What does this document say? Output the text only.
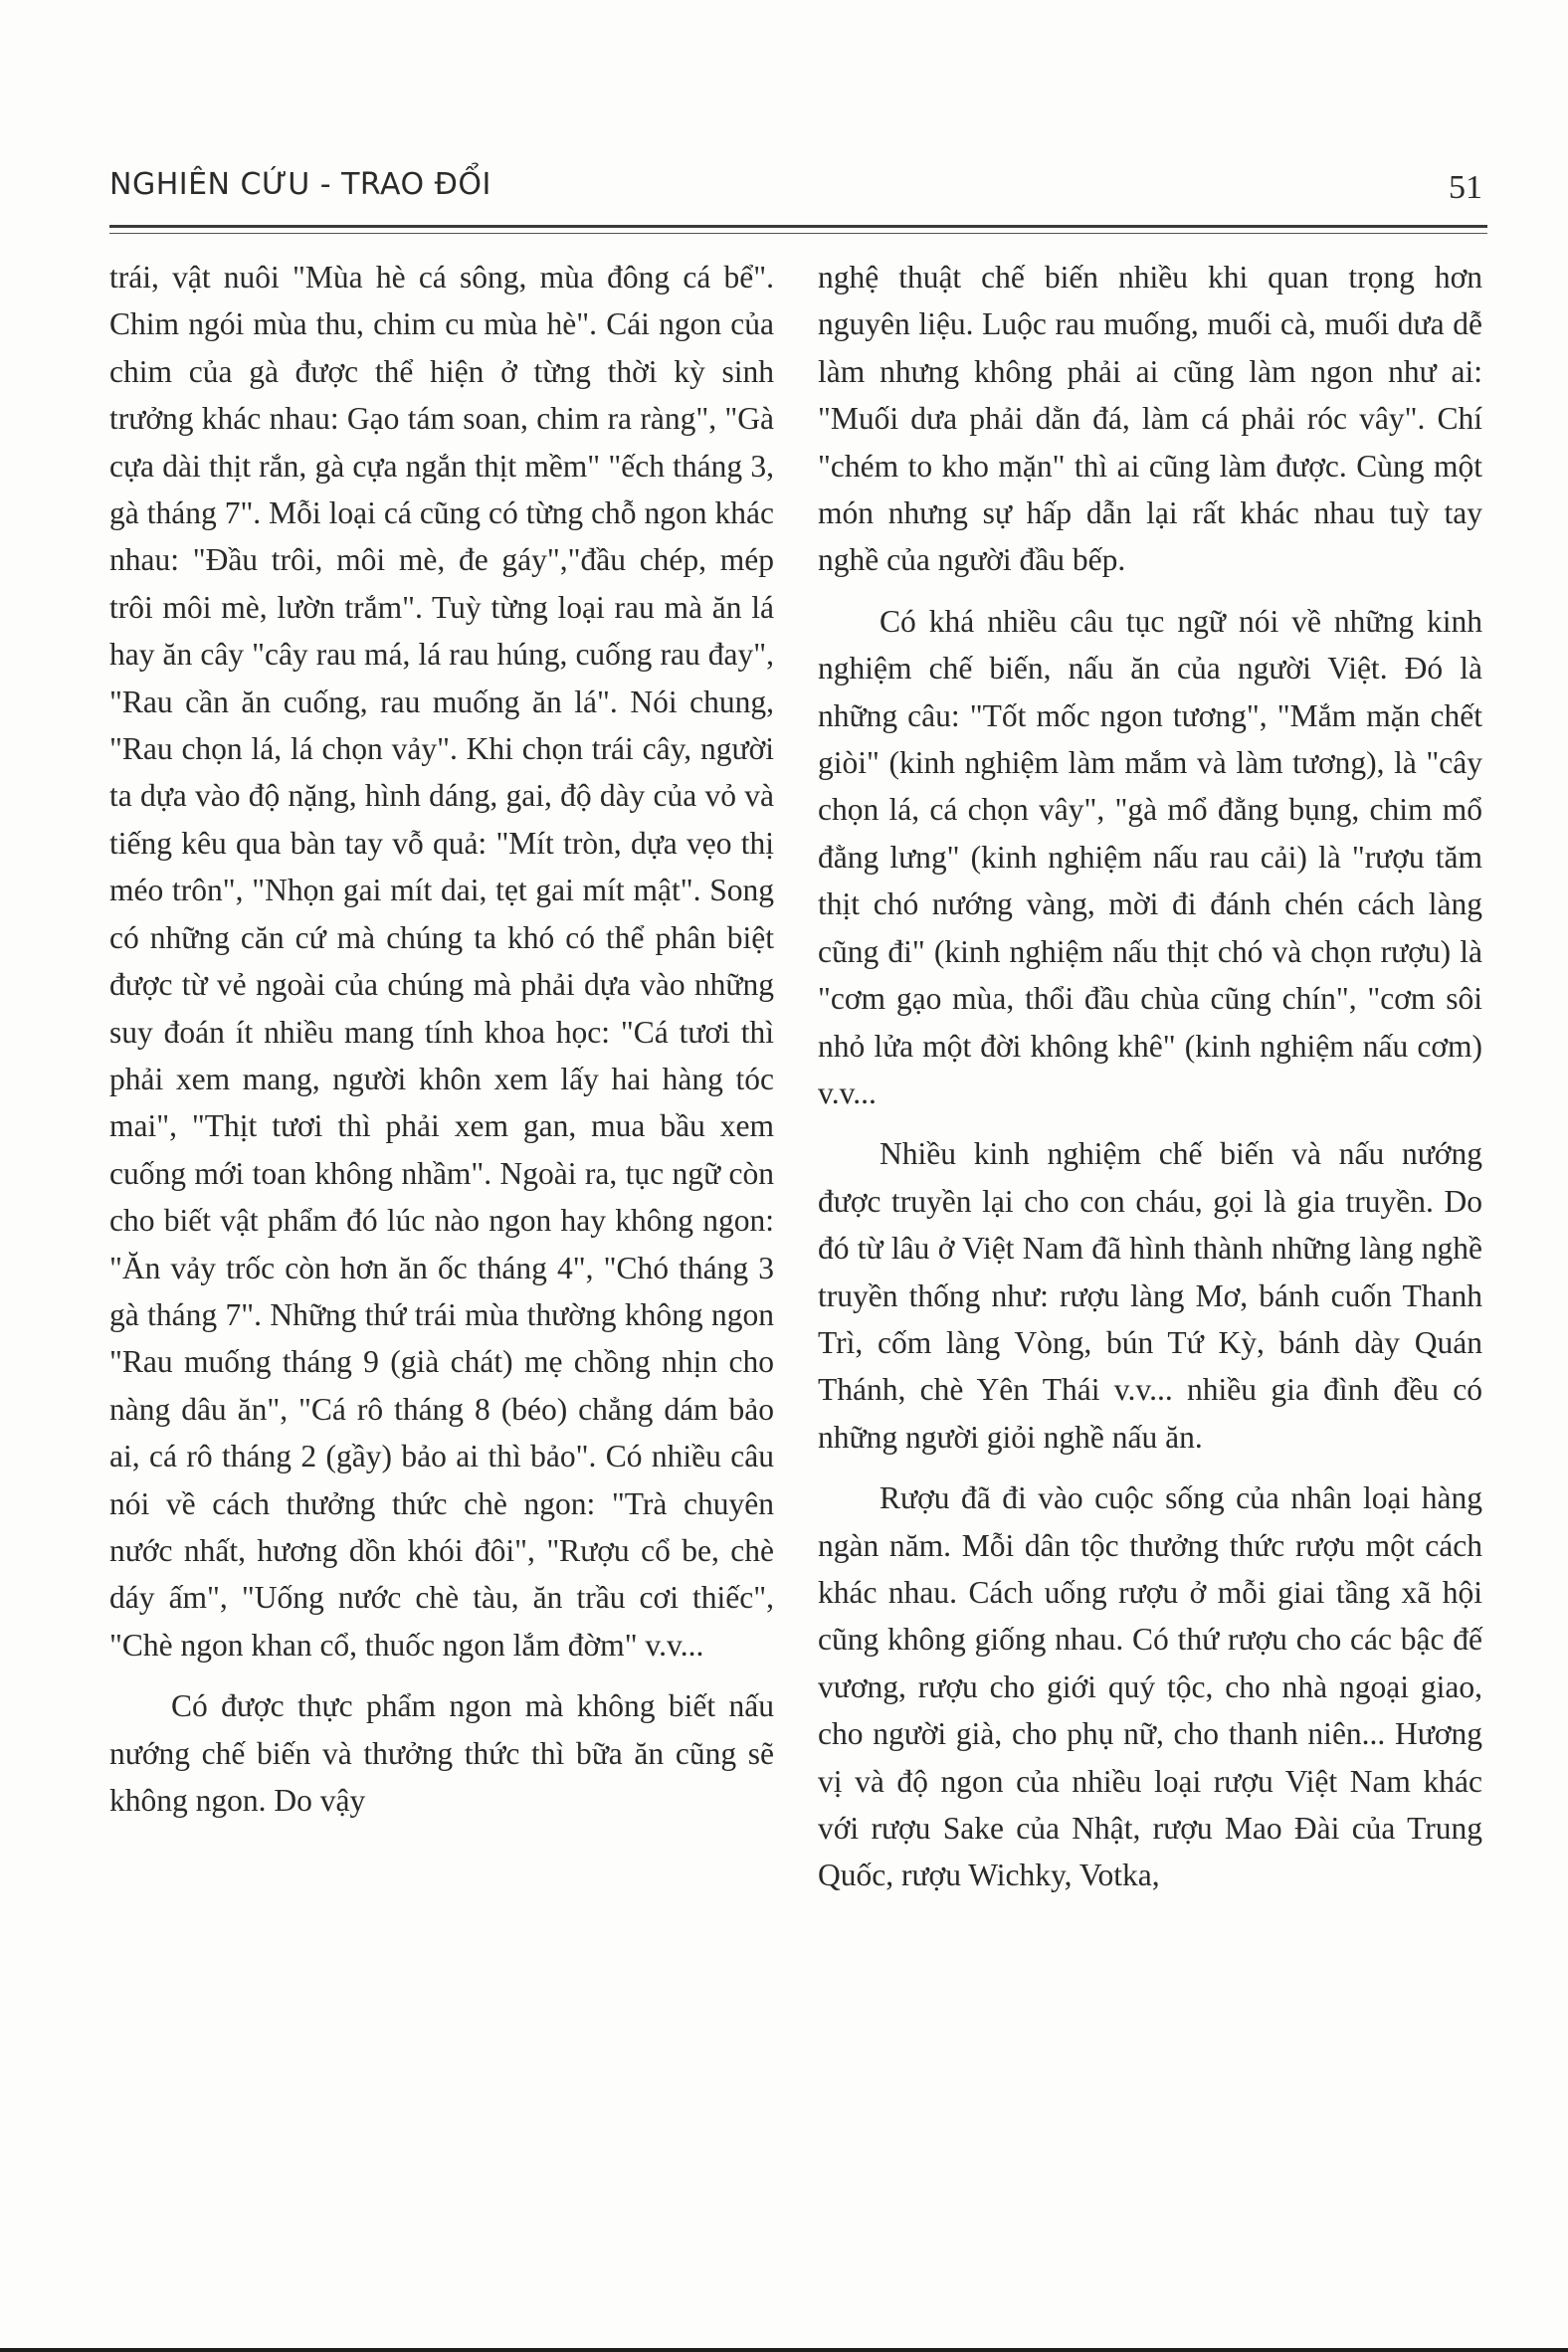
NGHIÊN CỨU - TRAO ĐỔI	51

trái, vật nuôi "Mùa hè cá sông, mùa đông cá bể". Chim ngói mùa thu, chim cu mùa hè". Cái ngon của chim của gà được thể hiện ở từng thời kỳ sinh trưởng khác nhau: Gạo tám soan, chim ra ràng", "Gà cựa dài thịt rắn, gà cựa ngắn thịt mềm" "ếch tháng 3, gà tháng 7". Mỗi loại cá cũng có từng chỗ ngon khác nhau: "Đầu trôi, môi mè, đe gáy","đầu chép, mép trôi môi mè, lườn trắm". Tuỳ từng loại rau mà ăn lá hay ăn cây "cây rau má, lá rau húng, cuống rau đay", "Rau cần ăn cuống, rau muống ăn lá". Nói chung, "Rau chọn lá, lá chọn vảy". Khi chọn trái cây, người ta dựa vào độ nặng, hình dáng, gai, độ dày của vỏ và tiếng kêu qua bàn tay vỗ quả: "Mít tròn, dựa vẹo thị méo trôn", "Nhọn gai mít dai, tẹt gai mít mật". Song có những căn cứ mà chúng ta khó có thể phân biệt được từ vẻ ngoài của chúng mà phải dựa vào những suy đoán ít nhiều mang tính khoa học: "Cá tươi thì phải xem mang, người khôn xem lấy hai hàng tóc mai", "Thịt tươi thì phải xem gan, mua bầu xem cuống mới toan không nhầm". Ngoài ra, tục ngữ còn cho biết vật phẩm đó lúc nào ngon hay không ngon: "Ăn vảy trốc còn hơn ăn ốc tháng 4", "Chó tháng 3 gà tháng 7". Những thứ trái mùa thường không ngon "Rau muống tháng 9 (già chát) mẹ chồng nhịn cho nàng dâu ăn", "Cá rô tháng 8 (béo) chẳng dám bảo ai, cá rô tháng 2 (gầy) bảo ai thì bảo". Có nhiều câu nói về cách thưởng thức chè ngon: "Trà chuyên nước nhất, hương dồn khói đôi", "Rượu cổ be, chè dáy ấm", "Uống nước chè tàu, ăn trầu cơi thiếc", "Chè ngon khan cổ, thuốc ngon lắm đờm" v.v...

Có được thực phẩm ngon mà không biết nấu nướng chế biến và thưởng thức thì bữa ăn cũng sẽ không ngon. Do vậy

nghệ thuật chế biến nhiều khi quan trọng hơn nguyên liệu. Luộc rau muống, muối cà, muối dưa dễ làm nhưng không phải ai cũng làm ngon như ai: "Muối dưa phải dằn đá, làm cá phải róc vây". Chí "chém to kho mặn" thì ai cũng làm được. Cùng một món nhưng sự hấp dẫn lại rất khác nhau tuỳ tay nghề của người đầu bếp.

Có khá nhiều câu tục ngữ nói về những kinh nghiệm chế biến, nấu ăn của người Việt. Đó là những câu: "Tốt mốc ngon tương", "Mắm mặn chết giòi" (kinh nghiệm làm mắm và làm tương), là "cây chọn lá, cá chọn vây", "gà mổ đằng bụng, chim mổ đằng lưng" (kinh nghiệm nấu rau cải) là "rượu tăm thịt chó nướng vàng, mời đi đánh chén cách làng cũng đi" (kinh nghiệm nấu thịt chó và chọn rượu) là "cơm gạo mùa, thổi đầu chùa cũng chín", "cơm sôi nhỏ lửa một đời không khê" (kinh nghiệm nấu cơm) v.v...

Nhiều kinh nghiệm chế biến và nấu nướng được truyền lại cho con cháu, gọi là gia truyền. Do đó từ lâu ở Việt Nam đã hình thành những làng nghề truyền thống như: rượu làng Mơ, bánh cuốn Thanh Trì, cốm làng Vòng, bún Tứ Kỳ, bánh dày Quán Thánh, chè Yên Thái v.v... nhiều gia đình đều có những người giỏi nghề nấu ăn.

Rượu đã đi vào cuộc sống của nhân loại hàng ngàn năm. Mỗi dân tộc thưởng thức rượu một cách khác nhau. Cách uống rượu ở mỗi giai tầng xã hội cũng không giống nhau. Có thứ rượu cho các bậc đế vương, rượu cho giới quý tộc, cho nhà ngoại giao, cho người già, cho phụ nữ, cho thanh niên... Hương vị và độ ngon của nhiều loại rượu Việt Nam khác với rượu Sake của Nhật, rượu Mao Đài của Trung Quốc, rượu Wichky, Votka,
